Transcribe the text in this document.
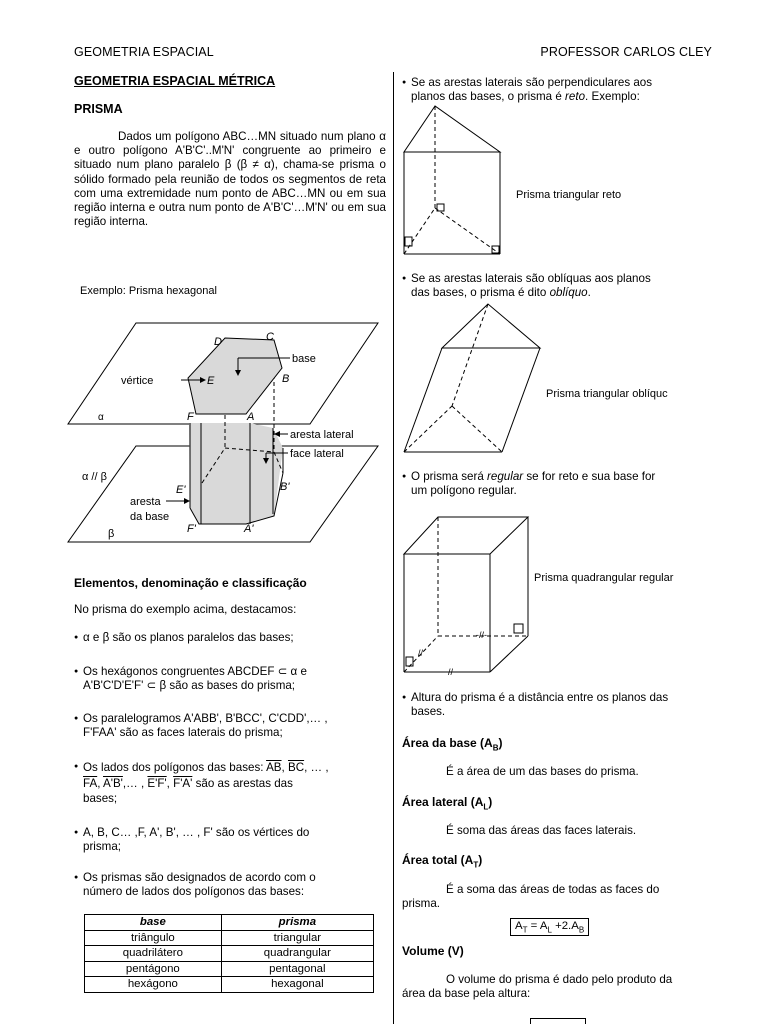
GEOMETRIA ESPACIAL	PROFESSOR CARLOS CLEY
GEOMETRIA ESPACIAL MÉTRICA
PRISMA
Dados um polígono ABC…MN situado num plano α e outro polígono A'B'C'..M'N' congruente ao primeiro e situado num plano paralelo β (β ≠ α), chama-se prisma o sólido formado pela reunião de todos os segmentos de reta com uma extremidade num ponto de ABC…MN ou em sua região interna e outra num ponto de A'B'C'…M'N' ou em sua região interna.
Exemplo: Prisma hexagonal
D	C
E	B
F	A
base
vértice
α
aresta lateral
face lateral
α // β
E'	B'
aresta
da base
F'	A'
β
Elementos, denominação e classificação
No prisma do exemplo acima, destacamos:
● α e β são os planos paralelos das bases;
● Os hexágonos congruentes ABCDEF ⊂ α e
A'B'C'D'E'F' ⊂ β são as bases do prisma;
● Os paralelogramos A'ABB', B'BCC', C'CDD',… ,
F'FAA' são as faces laterais do prisma;
● Os lados dos polígonos das bases: $\overline{AB}$, $\overline{BC}$, … ,
$\overline{FA}$, A'B',… , E'F', F'A' são as arestas das
bases;
● A, B, C… ,F, A', B', … , F' são os vértices do
prisma;
● Os prismas são designados de acordo com o
número de lados dos polígonos das bases:
base	prisma
triângulo	triangular
quadrilátero	quadrangular
pentágono	pentagonal
hexágono	hexagonal
● Se as arestas laterais são perpendiculares aos
planos das bases, o prisma é reto. Exemplo:
Prisma triangular reto
● Se as arestas laterais são oblíquas aos planos
das bases, o prisma é dito oblíquo.
Prisma triangular oblíquc
● O prisma será regular se for reto e sua base for
um polígono regular.
-//-
//
//
Prisma quadrangular regular
● Altura do prisma é a distância entre os planos das
bases.
Área da base $(A_B)$
É a área de um das bases do prisma.
Área lateral $(A_L)$
É soma das áreas das faces laterais.
Área total $(A_T)$
É a soma das áreas de todas as faces do
prisma.
$A_T = A_L +2.A_B$
Volume (V)
O volume do prisma é dado pelo produto da
área da base pela altura:
